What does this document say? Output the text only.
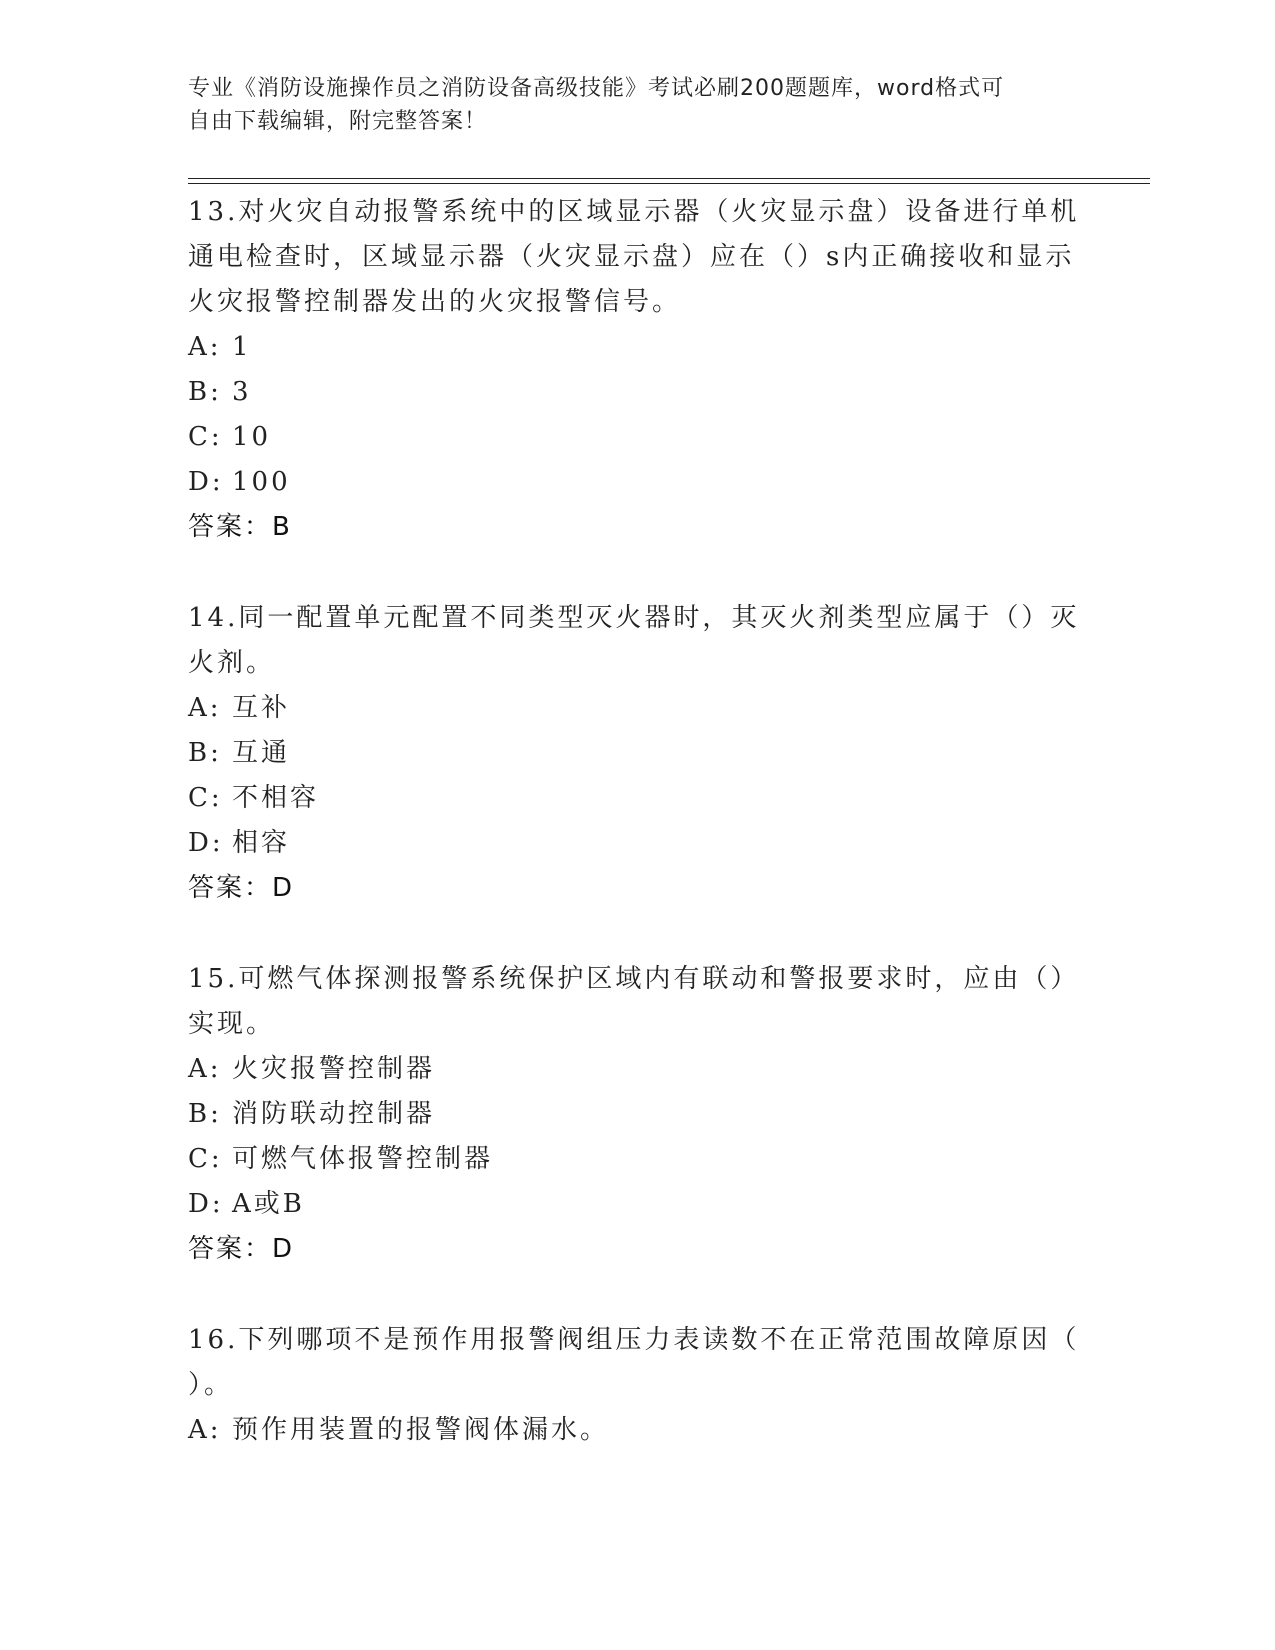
专业《消防设施操作员之消防设备高级技能》考试必刷200题题库，word格式可
自由下载编辑，附完整答案！
13.对火灾自动报警系统中的区域显示器（火灾显示盘）设备进行单机
通电检查时，区域显示器（火灾显示盘）应在（）s内正确接收和显示
火灾报警控制器发出的火灾报警信号。
A: 1
B: 3
C: 10
D: 100
答案：B
14.同一配置单元配置不同类型灭火器时，其灭火剂类型应属于（）灭
火剂。
A: 互补
B: 互通
C: 不相容
D: 相容
答案：D
15.可燃气体探测报警系统保护区域内有联动和警报要求时，应由（）
实现。
A: 火灾报警控制器
B: 消防联动控制器
C: 可燃气体报警控制器
D: A或B
答案：D
16.下列哪项不是预作用报警阀组压力表读数不在正常范围故障原因（
）。
A: 预作用装置的报警阀体漏水。
